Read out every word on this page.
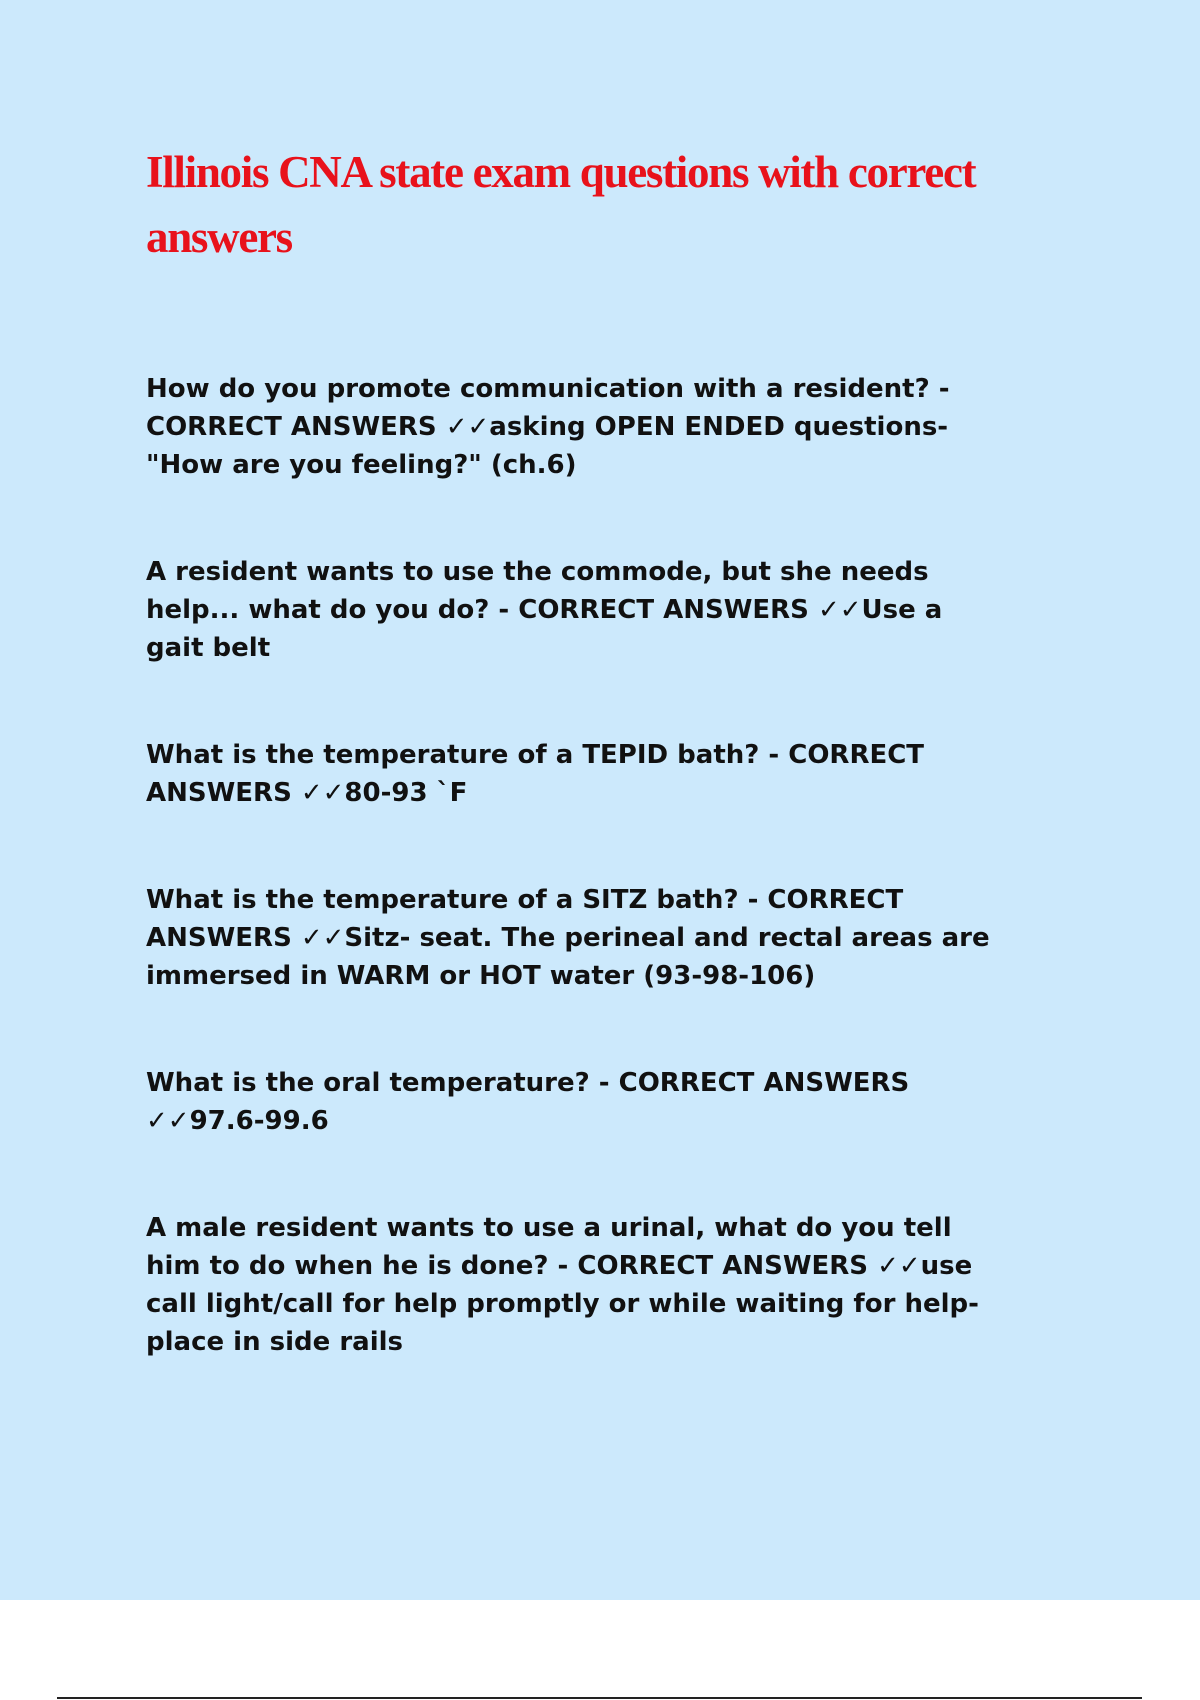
Illinois CNA state exam questions with correct answers

How do you promote communication with a resident? -
CORRECT ANSWERS ✓✓asking OPEN ENDED questions-
"How are you feeling?" (ch.6)

A resident wants to use the commode, but she needs
help... what do you do? - CORRECT ANSWERS ✓✓Use a
gait belt

What is the temperature of a TEPID bath? - CORRECT
ANSWERS ✓✓80-93 `F

What is the temperature of a SITZ bath? - CORRECT
ANSWERS ✓✓Sitz- seat. The perineal and rectal areas are
immersed in WARM or HOT water (93-98-106)

What is the oral temperature? - CORRECT ANSWERS
✓✓97.6-99.6

A male resident wants to use a urinal, what do you tell
him to do when he is done? - CORRECT ANSWERS ✓✓use
call light/call for help promptly or while waiting for help-
place in side rails
